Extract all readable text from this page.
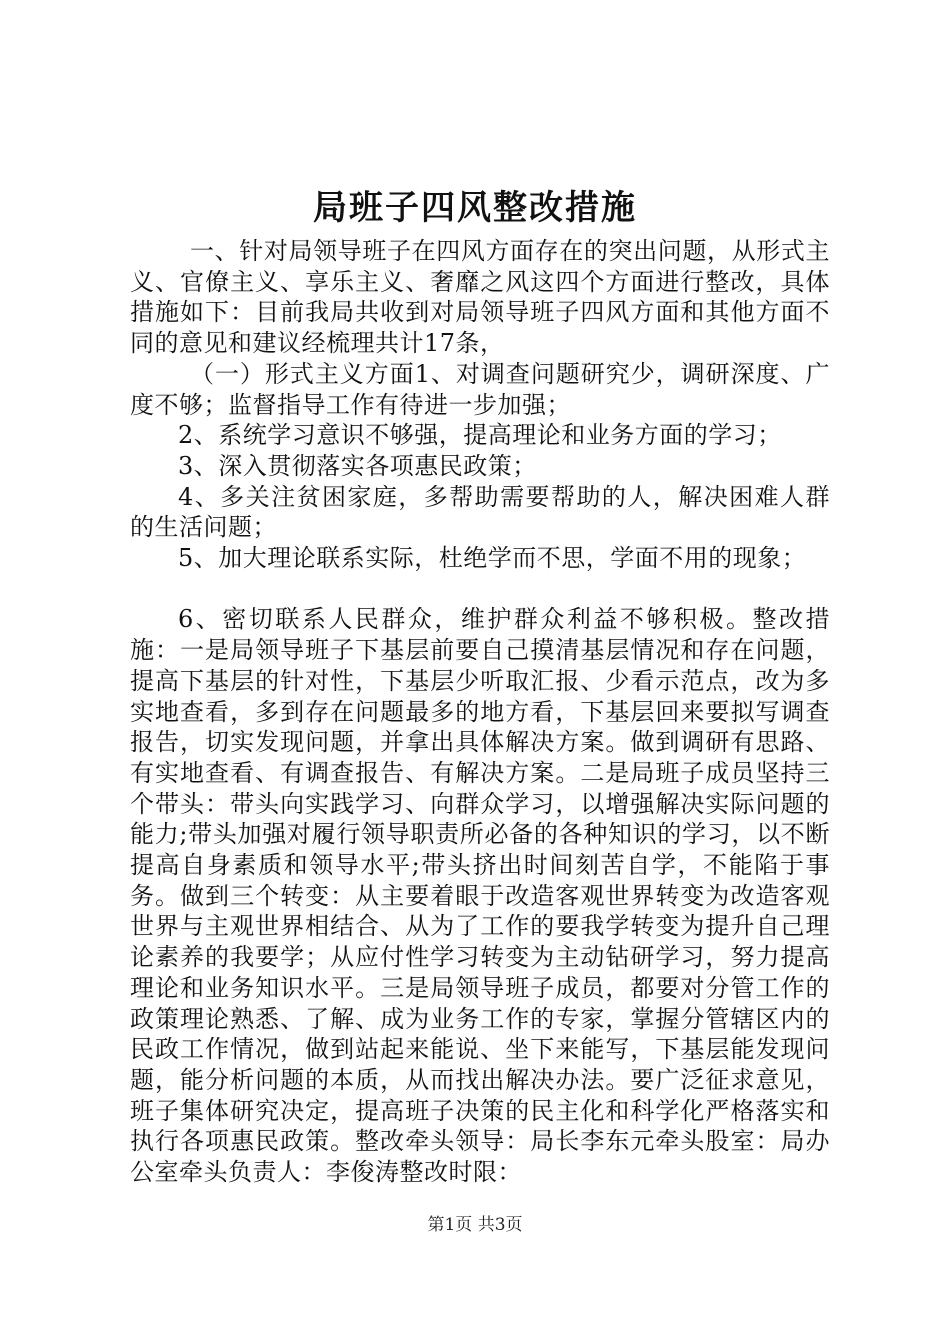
局班子四风整改措施

一、针对局领导班子在四风方面存在的突出问题，从形式主义、官僚主义、享乐主义、奢靡之风这四个方面进行整改，具体措施如下：目前我局共收到对局领导班子四风方面和其他方面不同的意见和建议经梳理共计17条，

（一）形式主义方面1、对调查问题研究少，调研深度、广度不够；监督指导工作有待进一步加强；

2、系统学习意识不够强，提高理论和业务方面的学习；

3、深入贯彻落实各项惠民政策；

4、多关注贫困家庭，多帮助需要帮助的人，解决困难人群的生活问题；

5、加大理论联系实际，杜绝学而不思，学面不用的现象；

6、密切联系人民群众，维护群众利益不够积极。整改措施：一是局领导班子下基层前要自己摸清基层情况和存在问题，提高下基层的针对性，下基层少听取汇报、少看示范点，改为多实地查看，多到存在问题最多的地方看，下基层回来要拟写调查报告，切实发现问题，并拿出具体解决方案。做到调研有思路、有实地查看、有调查报告、有解决方案。二是局班子成员坚持三个带头：带头向实践学习、向群众学习，以增强解决实际问题的能力;带头加强对履行领导职责所必备的各种知识的学习，以不断提高自身素质和领导水平;带头挤出时间刻苦自学，不能陷于事务。做到三个转变：从主要着眼于改造客观世界转变为改造客观世界与主观世界相结合、从为了工作的要我学转变为提升自己理论素养的我要学；从应付性学习转变为主动钻研学习，努力提高理论和业务知识水平。三是局领导班子成员，都要对分管工作的政策理论熟悉、了解、成为业务工作的专家，掌握分管辖区内的民政工作情况，做到站起来能说、坐下来能写，下基层能发现问题，能分析问题的本质，从而找出解决办法。要广泛征求意见，班子集体研究决定，提高班子决策的民主化和科学化严格落实和执行各项惠民政策。整改牵头领导：局长李东元牵头股室：局办公室牵头负责人：李俊涛整改时限：

第1页 共3页
